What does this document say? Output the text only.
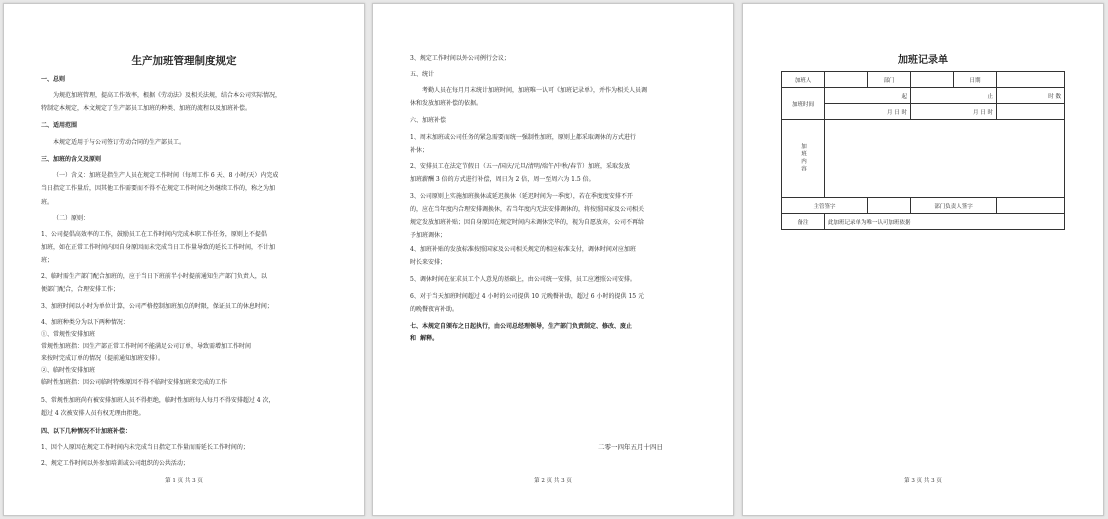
生产加班管理制度规定
一、总则
为规范加班管理，提高工作效率，根据《劳动法》及相关法规，结合本公司实际情况，
特制定本规定，本文规定了生产部员工加班的种类、加班的流程以及加班补偿。
二、适用范围
本规定适用于与公司签订劳动合同的生产部员工。
三、加班的含义及原则
（一）含义：加班是指生产人员在规定工作时间（每周工作 6 天、8 小时/天）内完成
当日指定工作量后，因其他工作需要而不得不在规定工作时间之外继续工作的，称之为加
班。
（二）原则：
1、公司提倡高效率的工作，鼓励员工在工作时间内完成本职工作任务，原则上不提倡
加班，如在正常工作时间内因自身原因而未完成当日工作量导致的延长工作时间，不计加
班；
2、临时需生产部门配合加班的，应于当日下班前半小时提前通知生产部门负责人，以
便部门配合，合理安排工作；
3、加班时间以小时为单位计算，公司严格控制加班加点的时限，保证员工的休息时间；
4、加班种类分为以下两种情况：
①、常规性安排加班
常规性加班指：因生产部正常工作时间不能满足公司订单，导致需增加工作时间
来按时完成订单的情况（提前通知加班安排）。
②、临时性安排加班
临时性加班指：因公司临时特殊原因不得不临时安排加班来完成的工作
5、常规性加班尚有被安排加班人员不得拒绝，临时性加班每人每月不得安排超过 4 次，
超过 4 次被安排人员有权无理由拒绝。
四、以下几种情况不计加班补偿：
1、因个人原因在规定工作时间内未完成当日指定工作量而需延长工作时间的；
2、规定工作时间以外参加培训或公司组织的公共活动；
第 1 页 共 3 页
3、规定工作时间以外公司例行会议；
五、统计
考勤人员在每月月末统计加班时间，加班唯一认可《加班记录单》，并作为相关人员调
休和发放加班补偿的依据。
六、加班补偿
1、周末加班或公司任务的紧急需要而统一强制性加班，原则上都采取调休的方式进行
补休；
2、安排员工在法定节假日（五一/国庆/元旦/清明/端午/中秋/春节）加班，采取发放
加班薪酬 3 倍的方式进行补偿，周日为 2 倍，周一至周六为 1.5 倍。
3、公司原则上实施加班换休或延迟换休（延迟时间为一季度），若在季度度安排不开
的，应在当年度内合理安排调换休，若当年度内无法安排调休的，将按照国家及公司相关
规定发放加班补贴；因自身原因在规定时间内未调休完毕的，视为自愿放弃，公司不再给
予加班调休；
4、加班补贴的发放标准按照国家及公司相关规定的相应标准支付，调休时间对应加班
时长来安排；
5、调休时间在征求员工个人意见的基础上，由公司统一安排，员工应遵照公司安排。
6、对于当天加班时间超过 4 小时的公司提供 10 元晚餐补助，超过 6 小时的提供 15 元
的晚餐夜宵补助。
七、本规定自颁布之日起执行，由公司总经理领导，生产部门负责制定、修改、废止
和  解释。
二零一四年五月十四日
第 2 页 共 3 页
加班记录单
加班人		部门		日期	
加班时间	起		止		时 数
	月 日 时		月 日 时		
加班内容					
主管签字			部门负责人签字		
备注	此加班记录单为唯一认可加班依据				
第 3 页 共 3 页
